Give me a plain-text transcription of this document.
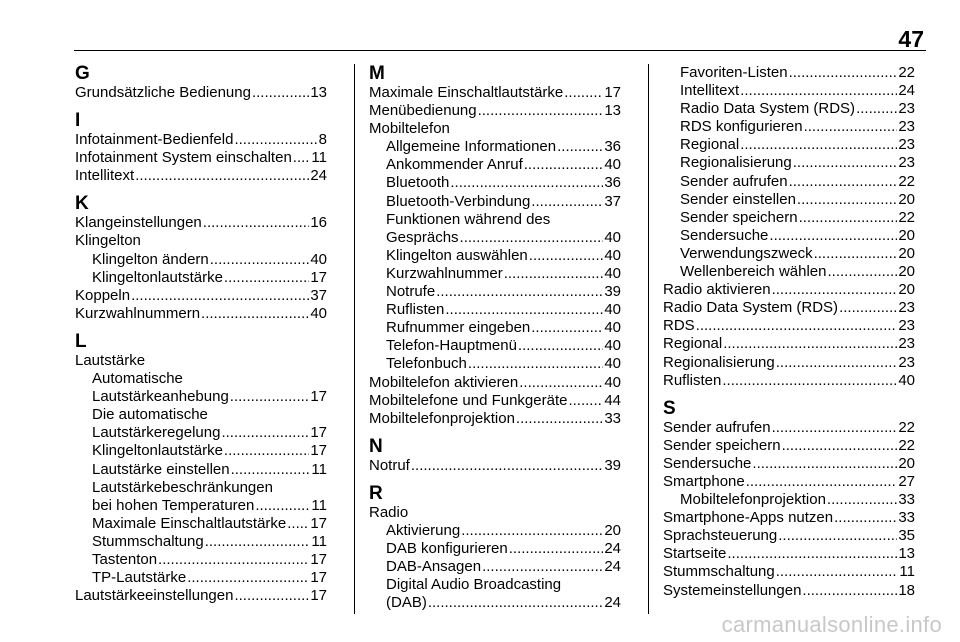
47
G
Grundsätzliche Bedienung .....	13
I
Infotainment-Bedienfeld .....	8
Infotainment System einschalten ..... 11
Intellitext .....	24
K
Klangeinstellungen .....	16
Klingelton
Klingelton ändern .....	40
Klingeltonlautstärke .....	17
Koppeln .....	37
Kurzwahlnummern .....	40
L
Lautstärke
Automatische
Lautstärkeanhebung .....	17
Die automatische
Lautstärkeregelung .....	17
Klingeltonlautstärke .....	17
Lautstärke einstellen .....	11
Lautstärkebeschränkungen
bei hohen Temperaturen .....	11
Maximale Einschaltlautstärke ..... 17
Stummschaltung .....	11
Tastenton .....	17
TP-Lautstärke .....	17
Lautstärkeeinstellungen .....	17
M
Maximale Einschaltlautstärke .....	17
Menübedienung .....	13
Mobiltelefon
Allgemeine Informationen .....	36
Ankommender Anruf .....	40
Bluetooth .....	36
Bluetooth-Verbindung .....	37
Funktionen während des
Gesprächs .....	40
Klingelton auswählen .....	40
Kurzwahlnummer .....	40
Notrufe .....	39
Ruflisten .....	40
Rufnummer eingeben .....	40
Telefon-Hauptmenü .....	40
Telefonbuch .....	40
Mobiltelefon aktivieren .....	40
Mobiltelefone und Funkgeräte ..... 44
Mobiltelefonprojektion .....	33
N
Notruf .....	39
R
Radio
Aktivierung .....	20
DAB konfigurieren .....	24
DAB-Ansagen .....	24
Digital Audio Broadcasting
(DAB) .....	24
Favoriten-Listen .....	22
Intellitext .....	24
Radio Data System (RDS) .....	23
RDS konfigurieren .....	23
Regional .....	23
Regionalisierung .....	23
Sender aufrufen .....	22
Sender einstellen .....	20
Sender speichern .....	22
Sendersuche .....	20
Verwendungszweck .....	20
Wellenbereich wählen .....	20
Radio aktivieren .....	20
Radio Data System (RDS) .....	23
RDS .....	23
Regional .....	23
Regionalisierung .....	23
Ruflisten .....	40
S
Sender aufrufen .....	22
Sender speichern .....	22
Sendersuche .....	20
Smartphone .....	27
Mobiltelefonprojektion .....	33
Smartphone-Apps nutzen .....	33
Sprachsteuerung .....	35
Startseite .....	13
Stummschaltung .....	11
Systemeinstellungen .....	18
carmanualsonline.info
